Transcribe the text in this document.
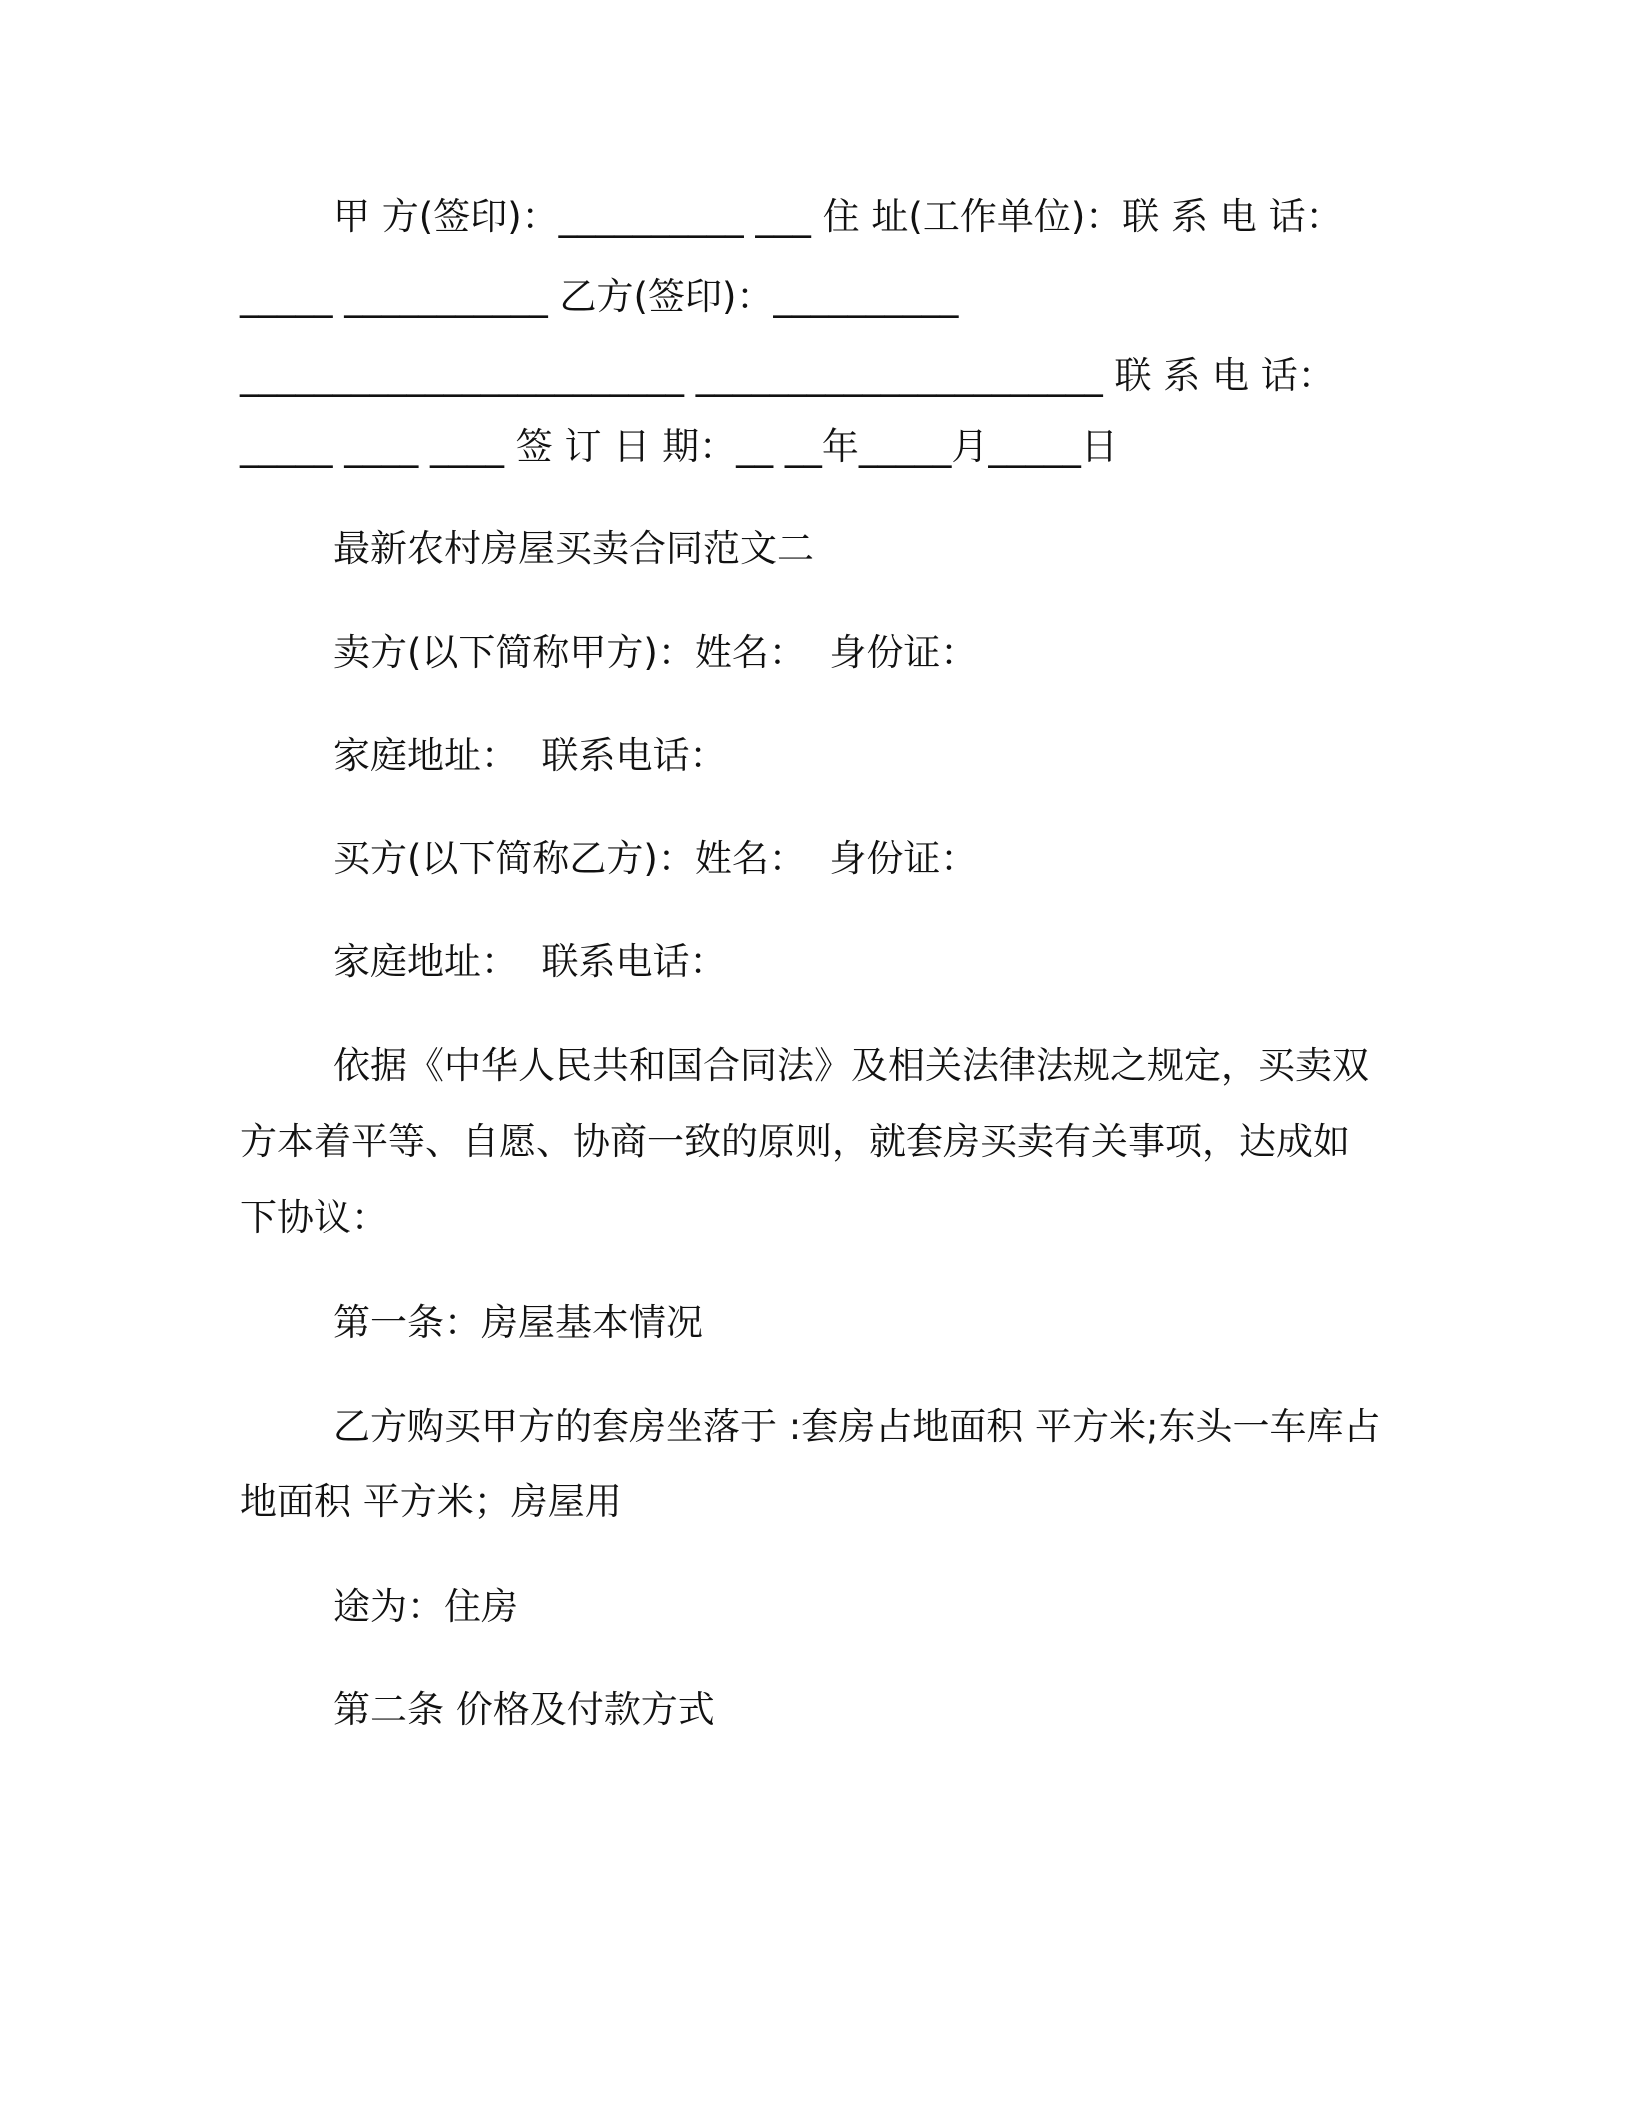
甲 方(签印)：__________ ___ 住 址(工作单位)：联 系 电 话：
_____ ___________ 乙方(签印)：__________
________________________ ______________________ 联 系 电 话：
_____ ____ ____ 签 订 日 期：__ __年_____月_____日
最新农村房屋买卖合同范文二
卖方(以下简称甲方)：姓名：  身份证：
家庭地址：  联系电话：
买方(以下简称乙方)：姓名：  身份证：
家庭地址：  联系电话：
依据《中华人民共和国合同法》及相关法律法规之规定，买卖双
方本着平等、自愿、协商一致的原则，就套房买卖有关事项，达成如
下协议：
第一条：房屋基本情况
乙方购买甲方的套房坐落于 :套房占地面积 平方米;东头一车库占
地面积 平方米；房屋用
途为：住房
第二条 价格及付款方式
